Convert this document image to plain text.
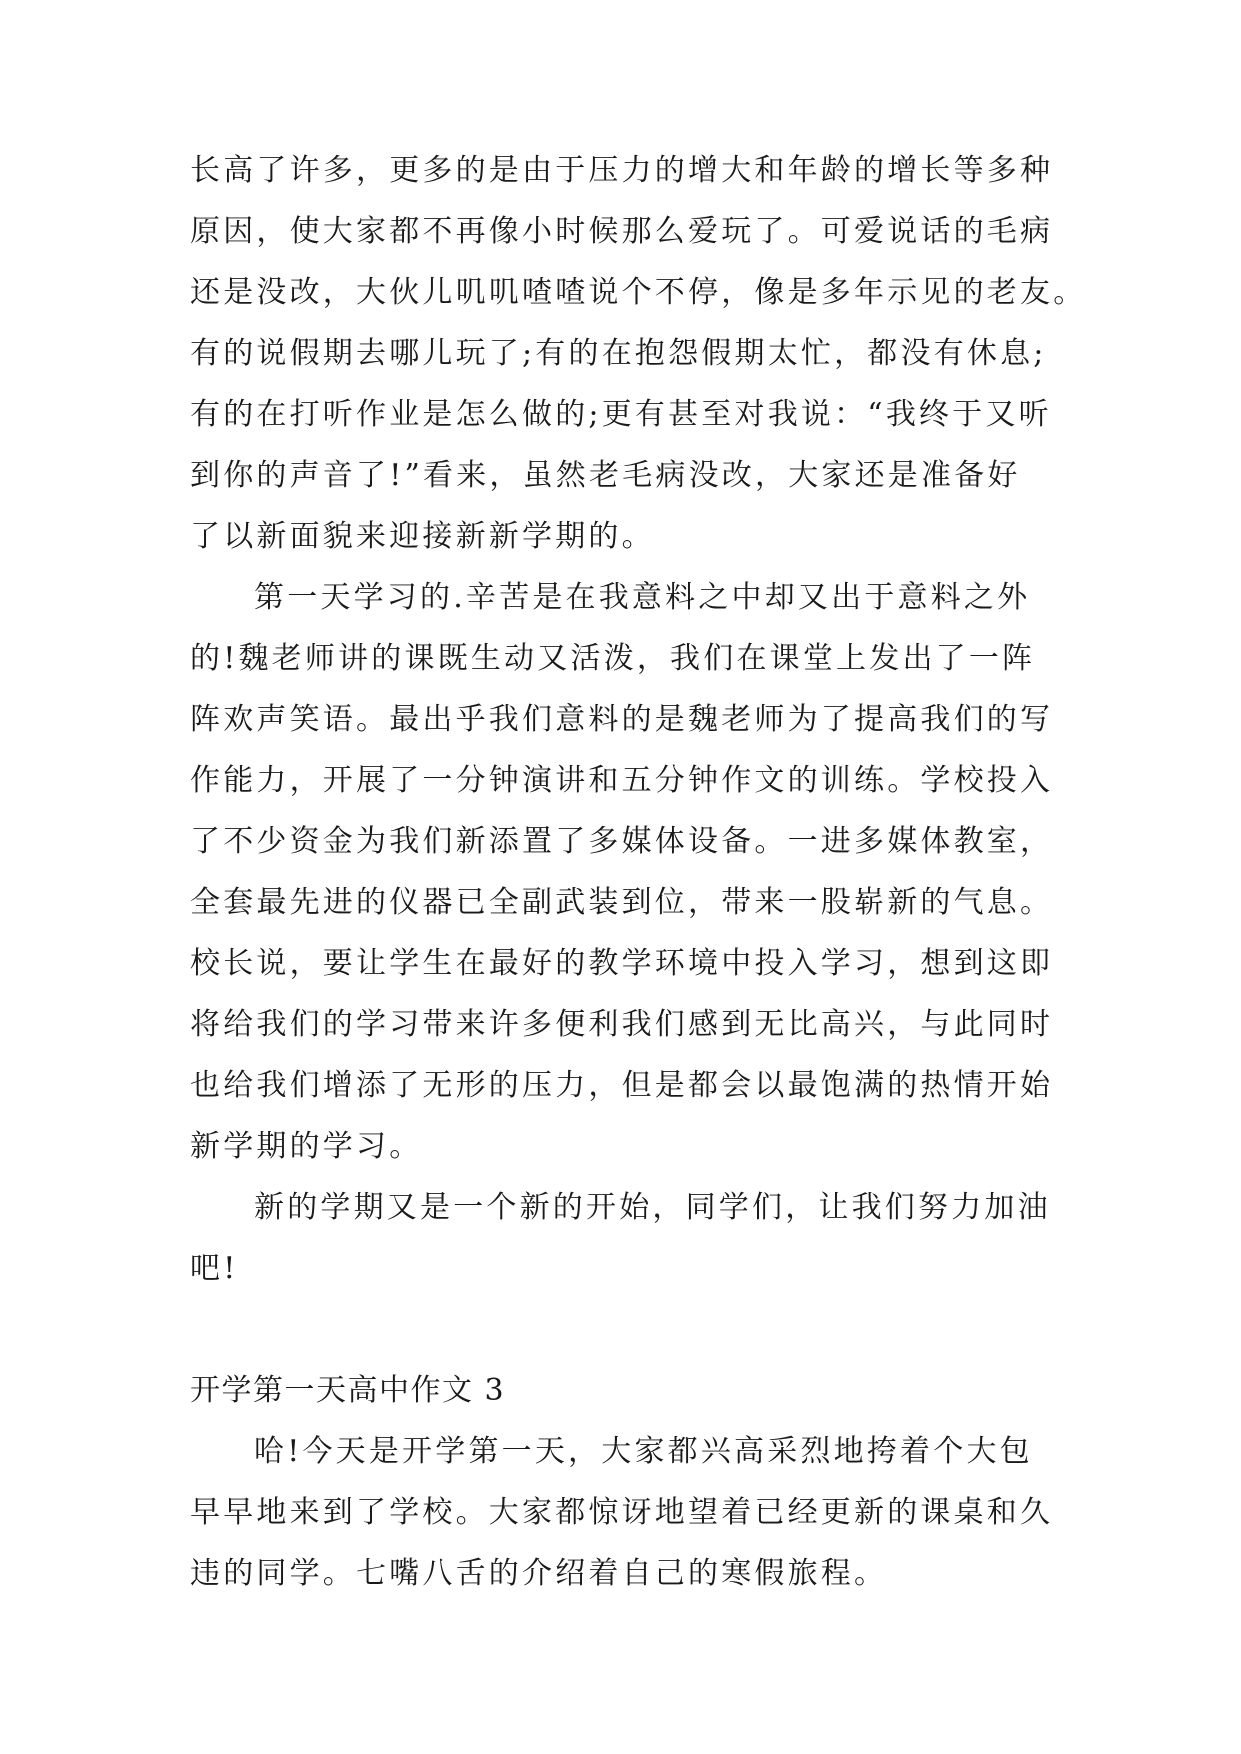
长高了许多，更多的是由于压力的增大和年龄的增长等多种
原因，使大家都不再像小时候那么爱玩了。可爱说话的毛病
还是没改，大伙儿叽叽喳喳说个不停，像是多年示见的老友。
有的说假期去哪儿玩了;有的在抱怨假期太忙，都没有休息;
有的在打听作业是怎么做的;更有甚至对我说：“我终于又听
到你的声音了!”看来，虽然老毛病没改，大家还是准备好
了以新面貌来迎接新新学期的。
第一天学习的.辛苦是在我意料之中却又出于意料之外
的!魏老师讲的课既生动又活泼，我们在课堂上发出了一阵
阵欢声笑语。最出乎我们意料的是魏老师为了提高我们的写
作能力，开展了一分钟演讲和五分钟作文的训练。学校投入
了不少资金为我们新添置了多媒体设备。一进多媒体教室，
全套最先进的仪器已全副武装到位，带来一股崭新的气息。
校长说，要让学生在最好的教学环境中投入学习，想到这即
将给我们的学习带来许多便利我们感到无比高兴，与此同时
也给我们增添了无形的压力，但是都会以最饱满的热情开始
新学期的学习。
新的学期又是一个新的开始，同学们，让我们努力加油
吧!
开学第一天高中作文 3
哈!今天是开学第一天，大家都兴高采烈地挎着个大包
早早地来到了学校。大家都惊讶地望着已经更新的课桌和久
违的同学。七嘴八舌的介绍着自己的寒假旅程。
